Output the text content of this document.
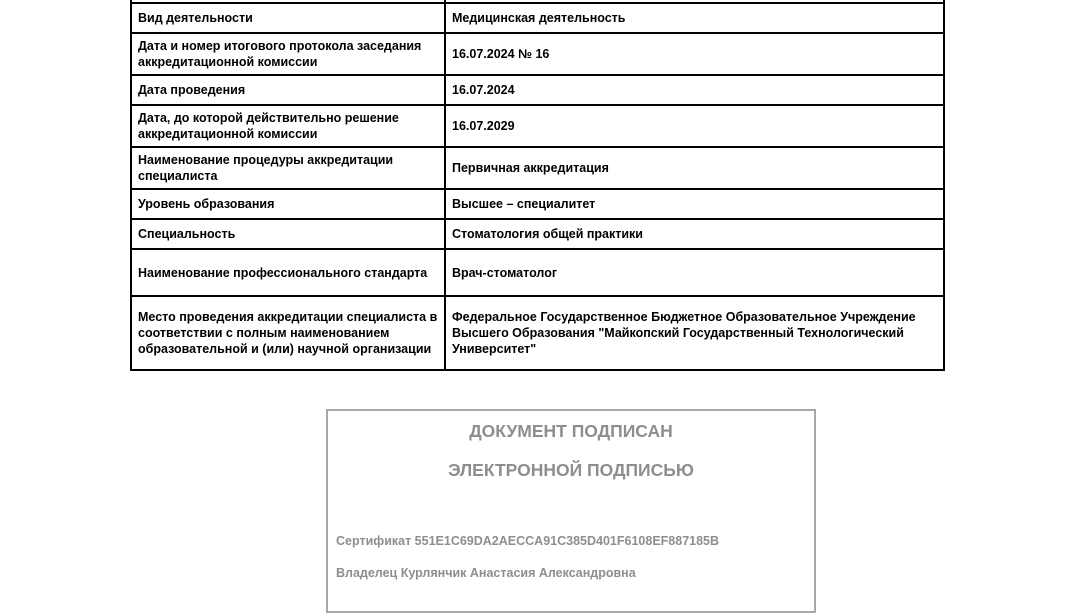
Вид деятельности	Медицинская деятельность
Дата и номер итогового протокола заседания аккредитационной комиссии	16.07.2024 № 16
Дата проведения	16.07.2024
Дата, до которой действительно решение аккредитационной комиссии	16.07.2029
Наименование процедуры аккредитации специалиста	Первичная аккредитация
Уровень образования	Высшее – специалитет
Специальность	Стоматология общей практики
Наименование профессионального стандарта	Врач-стоматолог
Место проведения аккредитации специалиста в соответствии с полным наименованием образовательной и (или) научной организации	Федеральное Государственное Бюджетное Образовательное Учреждение Высшего Образования "Майкопский Государственный Технологический Университет"
ДОКУМЕНТ ПОДПИСАН
ЭЛЕКТРОННОЙ ПОДПИСЬЮ
Сертификат 551E1C69DA2AECCA91C385D401F6108EF887185B
Владелец Курлянчик Анастасия Александровна
